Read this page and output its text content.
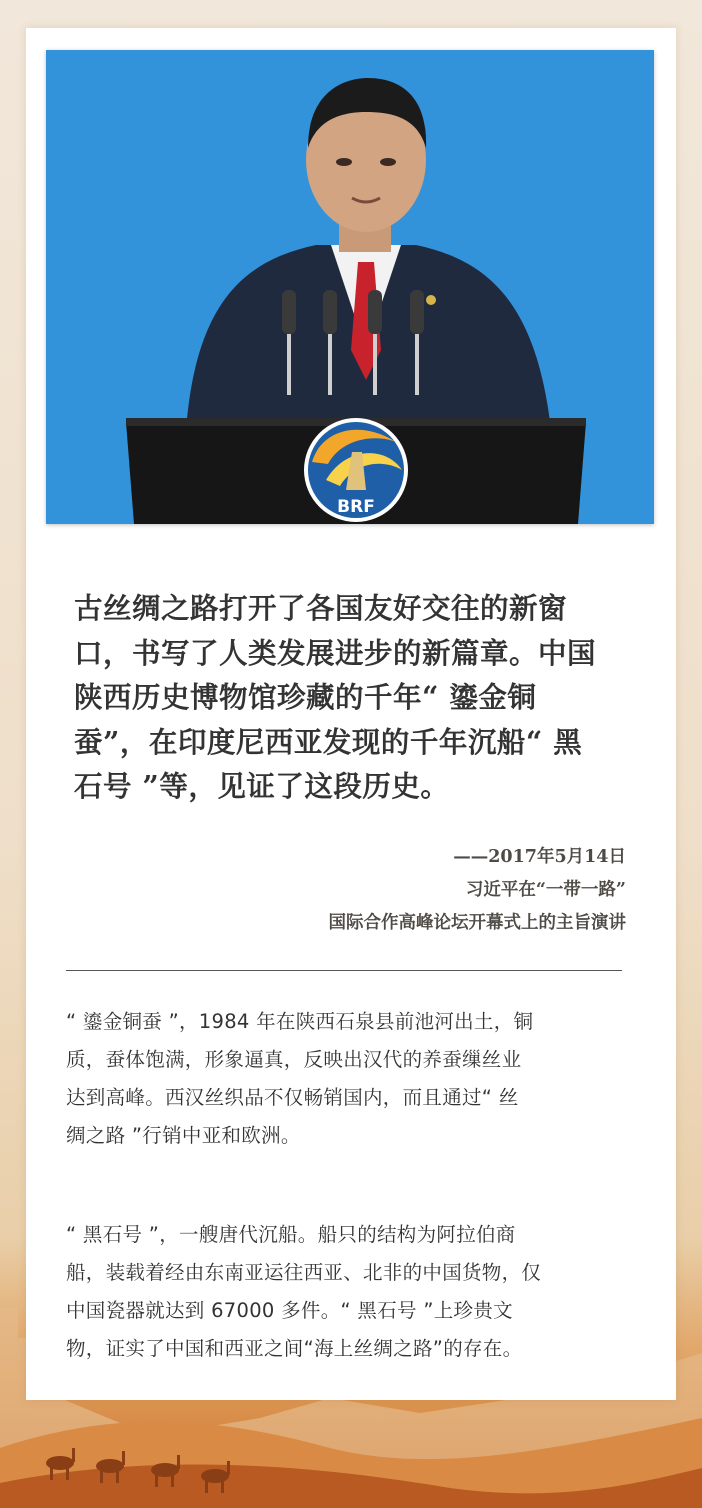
BRF

古丝绸之路打开了各国友好交往的新窗
口，书写了人类发展进步的新篇章。中国
陕西历史博物馆珍藏的千年“ 鎏金铜
蚕”，在印度尼西亚发现的千年沉船“ 黑
石号 ”等，见证了这段历史。

——2017年5月14日
习近平在“一带一路”
国际合作高峰论坛开幕式上的主旨演讲

“ 鎏金铜蚕 ”，1984 年在陕西石泉县前池河出土，铜
质，蚕体饱满，形象逼真，反映出汉代的养蚕缫丝业
达到高峰。西汉丝织品不仅畅销国内，而且通过“ 丝
绸之路 ”行销中亚和欧洲。

“ 黑石号 ”，一艘唐代沉船。船只的结构为阿拉伯商
船，装载着经由东南亚运往西亚、北非的中国货物，仅
中国瓷器就达到 67000 多件。“ 黑石号 ”上珍贵文
物，证实了中国和西亚之间“海上丝绸之路”的存在。
